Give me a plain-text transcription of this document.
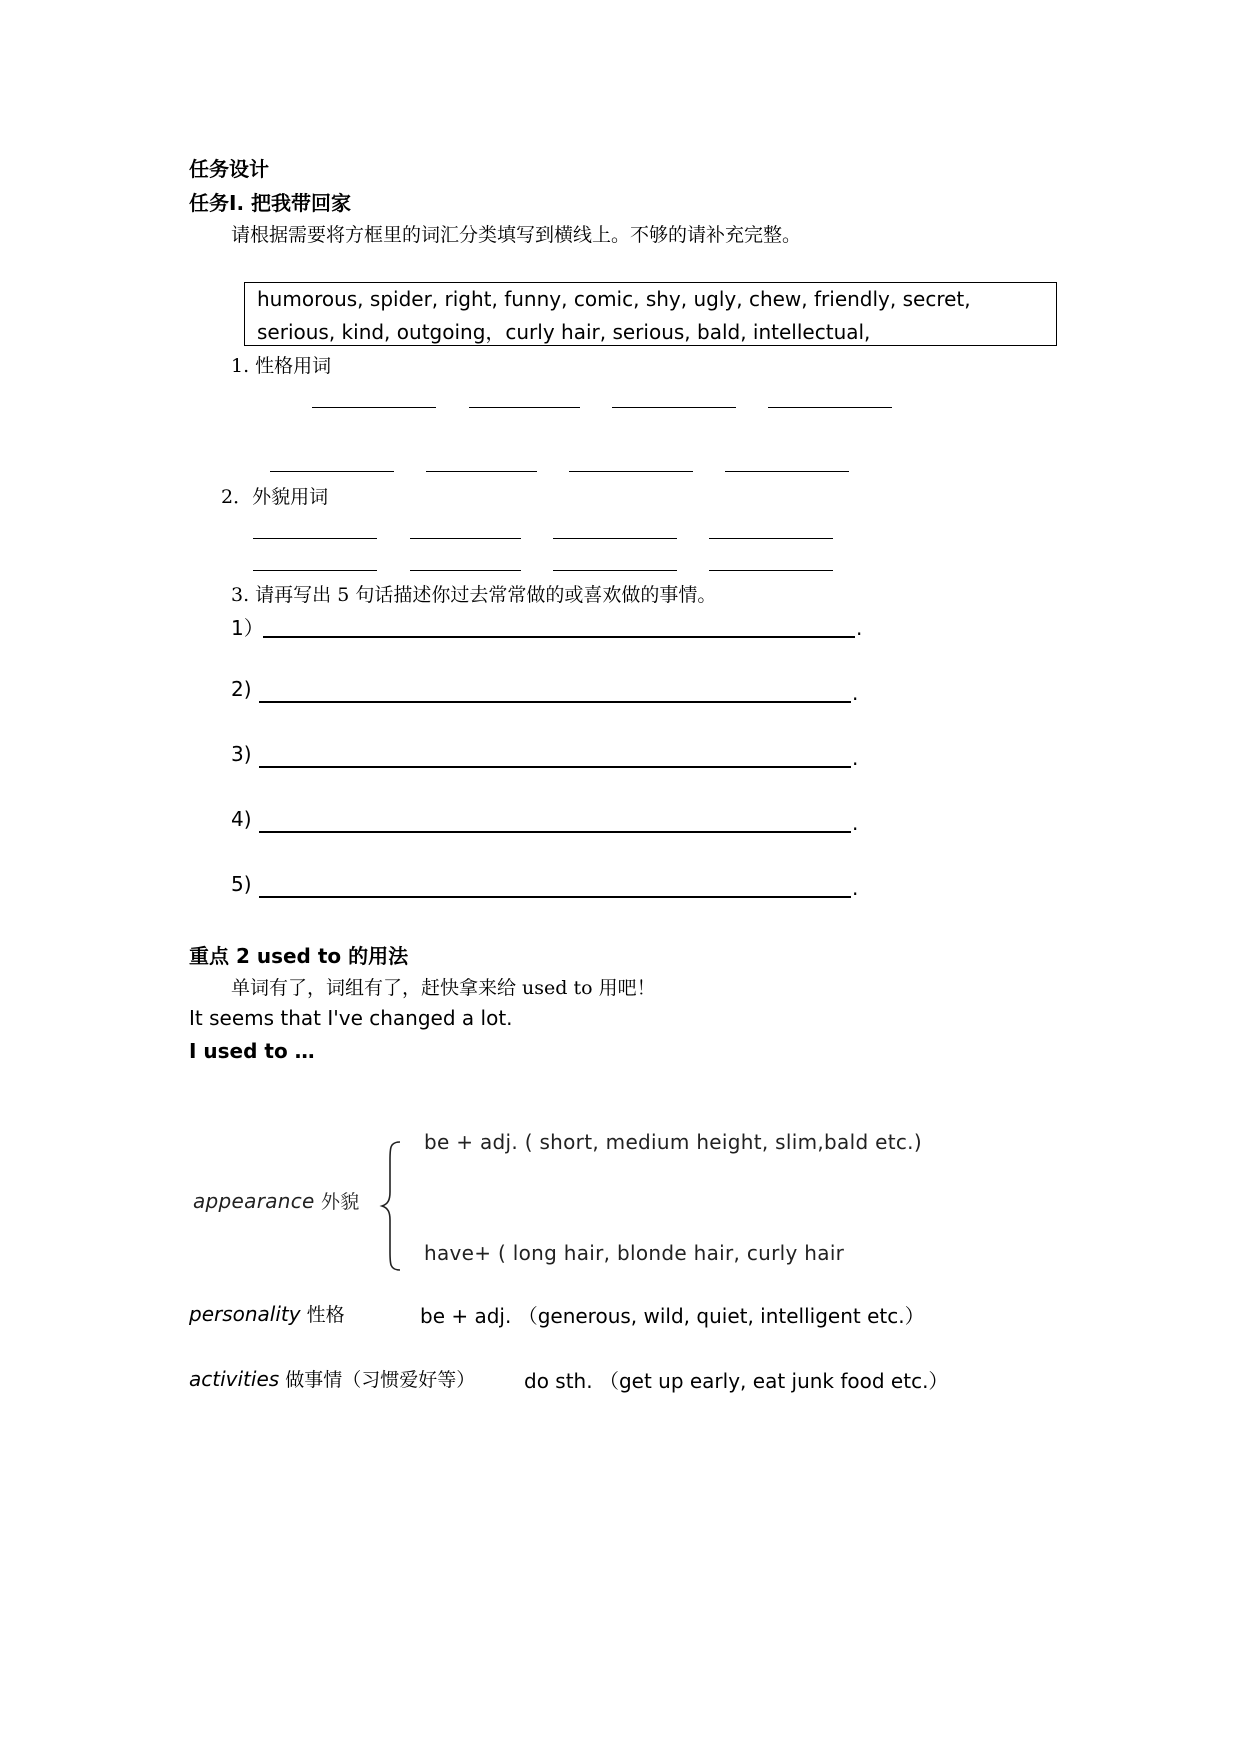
任务设计
任务Ⅰ. 把我带回家
请根据需要将方框里的词汇分类填写到横线上。不够的请补充完整。
humorous, spider, right, funny, comic, shy, ugly, chew, friendly, secret,
serious, kind, outgoing，curly hair, serious, bald, intellectual,
1. 性格用词
2．外貌用词
3. 请再写出 5 句话描述你过去常常做的或喜欢做的事情。
1）	.
2)	.
3)	.
4)	.
5)	.
重点 2 used to 的用法
单词有了，词组有了，赶快拿来给 used to 用吧！
It seems that I've changed a lot.
I used to …
appearance 外貌
be + adj. ( short, medium height, slim,bald etc.)
have+ ( long hair, blonde hair, curly hair
personality 性格	be + adj. （generous, wild, quiet, intelligent etc.）
activities 做事情（习惯爱好等） do sth. （get up early, eat junk food etc.）
